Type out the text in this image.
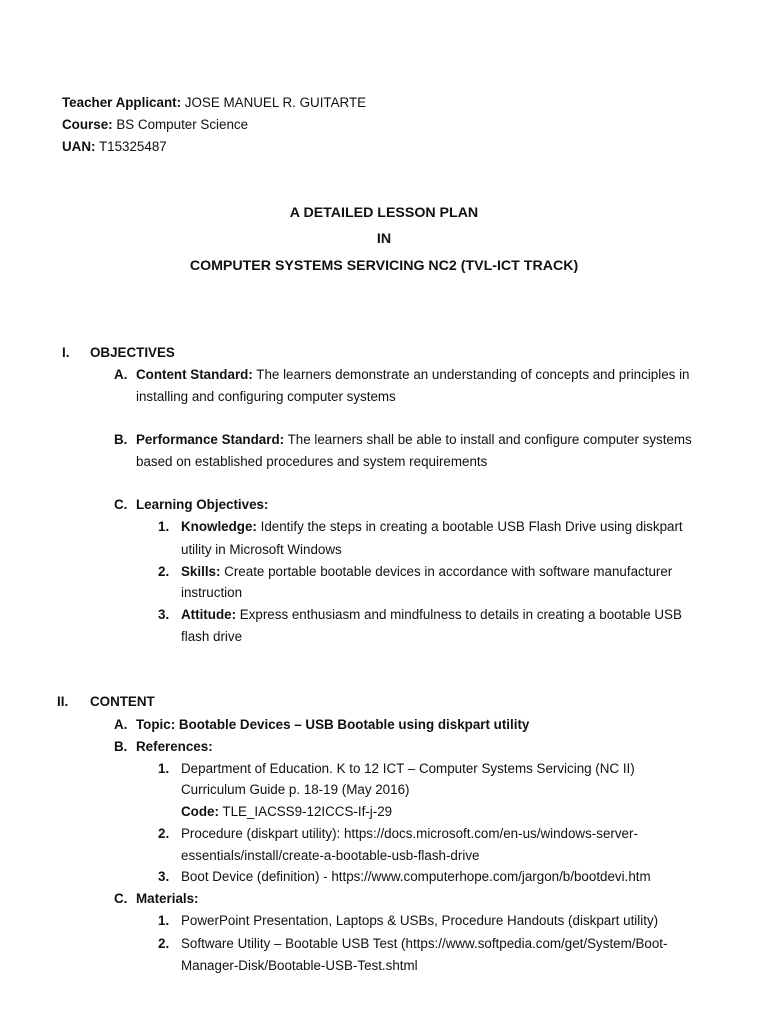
Teacher Applicant: JOSE MANUEL R. GUITARTE
Course: BS Computer Science
UAN: T15325487
A DETAILED LESSON PLAN
IN
COMPUTER SYSTEMS SERVICING NC2 (TVL-ICT TRACK)
I. OBJECTIVES
A. Content Standard: The learners demonstrate an understanding of concepts and principles in
installing and configuring computer systems
B. Performance Standard: The learners shall be able to install and configure computer systems
based on established procedures and system requirements
C. Learning Objectives:
1. Knowledge: Identify the steps in creating a bootable USB Flash Drive using diskpart
utility in Microsoft Windows
2. Skills: Create portable bootable devices in accordance with software manufacturer
instruction
3. Attitude: Express enthusiasm and mindfulness to details in creating a bootable USB
flash drive
II. CONTENT
A. Topic: Bootable Devices – USB Bootable using diskpart utility
B. References:
1. Department of Education. K to 12 ICT – Computer Systems Servicing (NC II)
Curriculum Guide p. 18-19 (May 2016)
Code: TLE_IACSS9-12ICCS-If-j-29
2. Procedure (diskpart utility): https://docs.microsoft.com/en-us/windows-server-
essentials/install/create-a-bootable-usb-flash-drive
3. Boot Device (definition) - https://www.computerhope.com/jargon/b/bootdevi.htm
C. Materials:
1. PowerPoint Presentation, Laptops & USBs, Procedure Handouts (diskpart utility)
2. Software Utility – Bootable USB Test (https://www.softpedia.com/get/System/Boot-
Manager-Disk/Bootable-USB-Test.shtml
